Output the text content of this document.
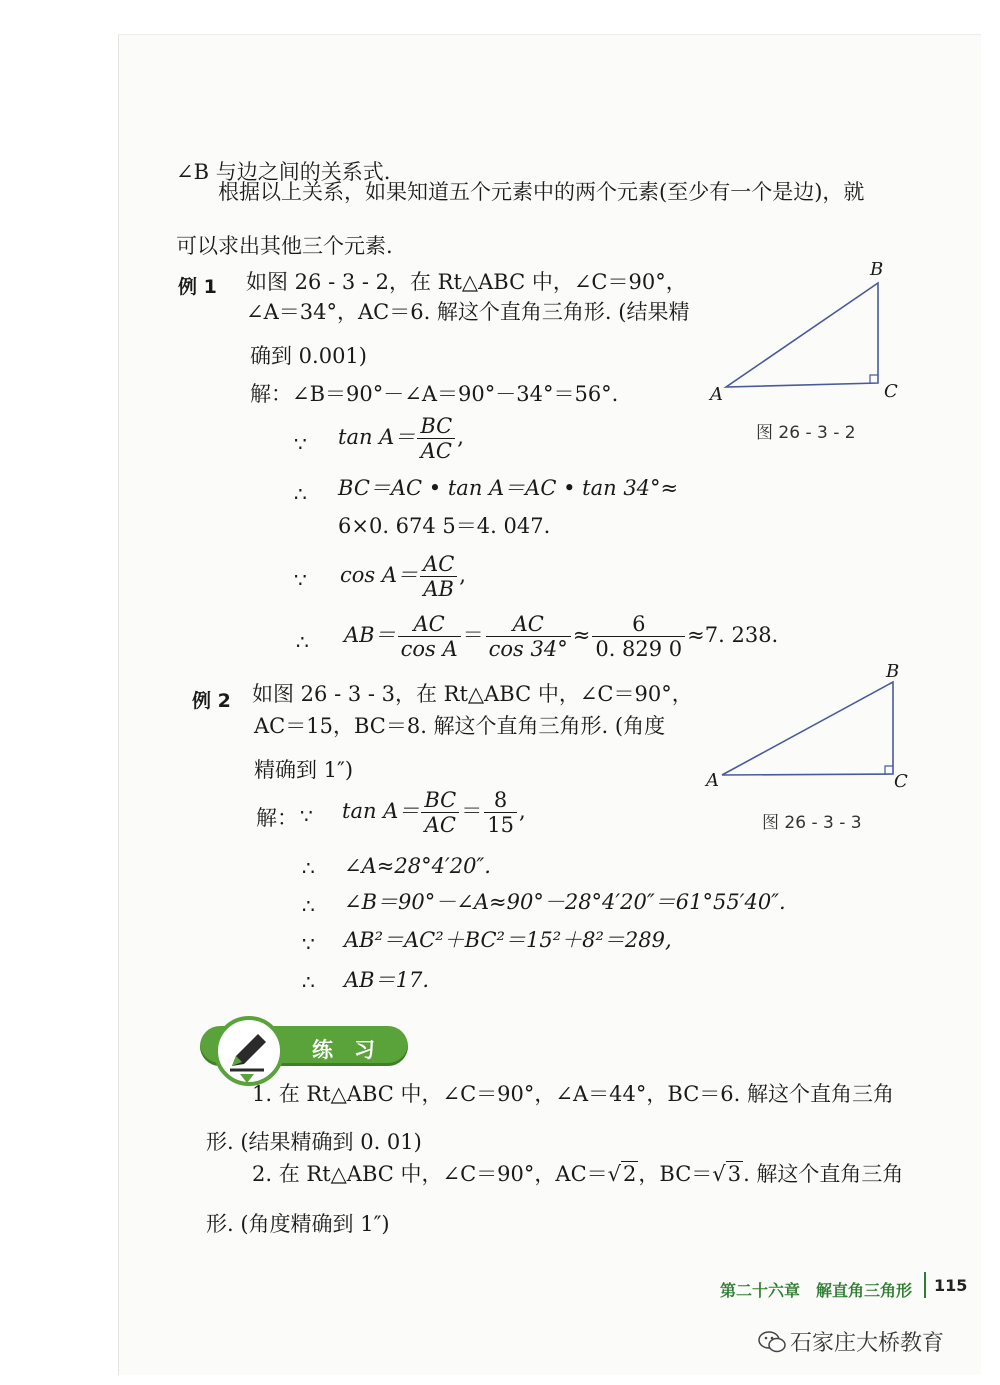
∠B 与边之间的关系式.
根据以上关系，如果知道五个元素中的两个元素(至少有一个是边)，就
可以求出其他三个元素.
例 1 如图 26 - 3 - 2，在 Rt△ABC 中，∠C＝90°，
∠A＝34°，AC＝6. 解这个直角三角形. (结果精
确到 0.001)
解：∠B＝90°－∠A＝90°－34°＝56°.
∵ $\tan A= \frac{BC}{AC}$ ,
∴ BC＝AC • tan A＝AC • tan 34°≈
6×0. 674 5＝4. 047.
∵ $\cos A= \frac{AC}{AB}$ ,
∴ $AB= \frac{AC}{\text{cos A}} = \frac{AC}{\cos 34^\circ} \approx \frac{6}{0. 829 0} \approx 7$. 238.
B
A	C
图 26 - 3 - 2
例 2 如图 26 - 3 - 3，在 Rt△ABC 中，∠C＝90°，
AC＝15，BC＝8. 解这个直角三角形. (角度
精确到 1″)
解： ∵ $\tan A= \frac{BC}{AC} = \frac{8}{15}$ ,
∴ ∠A≈28°4′20″.
∴ ∠B＝90°－∠A≈90°－28°4′20″＝61°55′40″.
∵ AB²＝AC²＋BC²＝15²＋8²＝289,
∴ AB＝17.
B
A	C
图 26 - 3 - 3
练　习
1. 在 Rt△ABC 中，∠C＝90°，∠A＝44°，BC＝6. 解这个直角三角
形. (结果精确到 0. 01)
2. 在 Rt△ABC 中，∠C＝90°，AC＝√2，BC＝√3. 解这个直角三角
形. (角度精确到 1″)
第二十六章　解直角三角形 115
石家庄大桥教育
